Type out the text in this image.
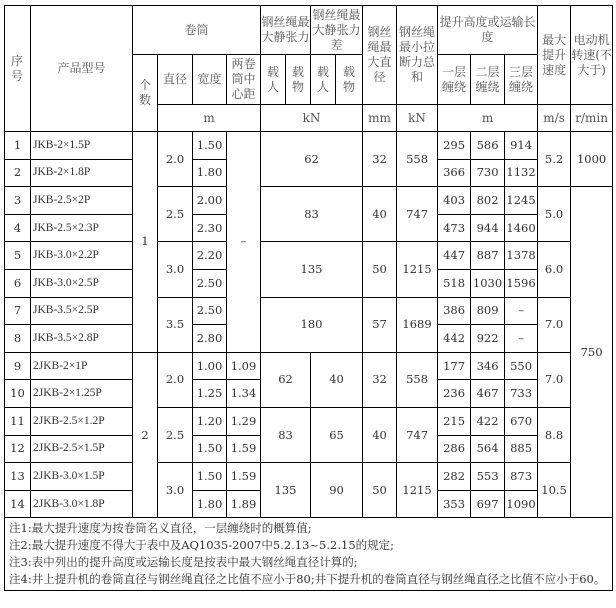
序号	产品型号	卷筒				钢丝绳最大静张力		钢丝绳最大静张力差		钢丝绳最大直径	钢丝绳最小拉断力总和	提升高度或运输长度			最大提升速度	电动机转速(不大于)
		个数	直径	宽度	两卷筒中心距	载人	载物	载人	载物			一层缠绕	二层缠绕	三层缠绕		
			m			kN				mm	kN	m			m/s	r/min
1	JKB-2×1.5P	1	2.0	1.50	–	62				32	558	295	586	914	5.2	1000
2	JKB-2×1.8P			1.80								366	730	1132		
3	JKB-2.5×2P		2.5	2.00		83				40	747	403	802	1245	5.0	750
4	JKB-2.5×2.3P			2.30								473	944	1460		
5	JKB-3.0×2.2P		3.0	2.20		135				50	1215	447	887	1378	6.0	
6	JKB-3.0×2.5P			2.50								518	1030	1596		
7	JKB-3.5×2.5P		3.5	2.50		180				57	1689	386	809	–	7.0	
8	JKB-3.5×2.8P			2.80								442	922	–		
9	2JKB-2×1P	2	2.0	1.00	1.09	62		40		32	558	177	346	550	7.0	
10	2JKB-2×1.25P			1.25	1.34							236	467	733		
11	2JKB-2.5×1.2P		2.5	1.20	1.29	83		65		40	747	215	422	670	8.8	
12	2JKB-2.5×1.5P			1.50	1.59							286	564	885		
13	2JKB-3.0×1.5P		3.0	1.50	1.59	135		90		50	1215	282	553	873	10.5	
14	2JKB-3.0×1.8P			1.80	1.89							353	697	1090		

注1:最大提升速度为按卷筒名义直径，一层缠绕时的概算值;
注2:最大提升速度不得大于表中及AQ1035-2007中5.2.13~5.2.15的规定;
注3:表中列出的提升高度或运输长度是按表中最大钢丝绳直径计算的;
注4:井上提升机的卷筒直径与钢丝绳直径之比值不应小于80;井下提升机的卷筒直径与钢丝绳直径之比值不应小于60。																
